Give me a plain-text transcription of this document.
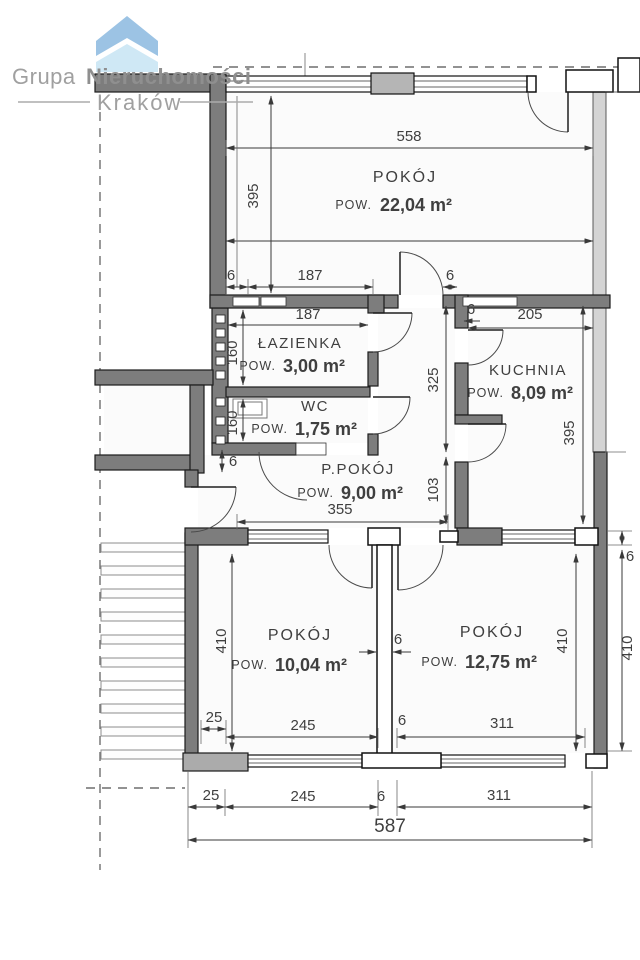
558
395
6	187	6
187
160
6	205
325
395
160
6
355
103
410	410
6
6
25	245	311
6
410
25	245	6	311
587
POKÓJ
POW. 22,04 m²
ŁAZIENKA
POW. 3,00 m²
WC
POW. 1,75 m²
KUCHNIA
POW. 8,09 m²
P.POKÓJ
POW. 9,00 m²
POKÓJ
POW. 10,04 m²
POKÓJ
POW. 12,75 m²
Grupa Nieruchomości
Kraków
